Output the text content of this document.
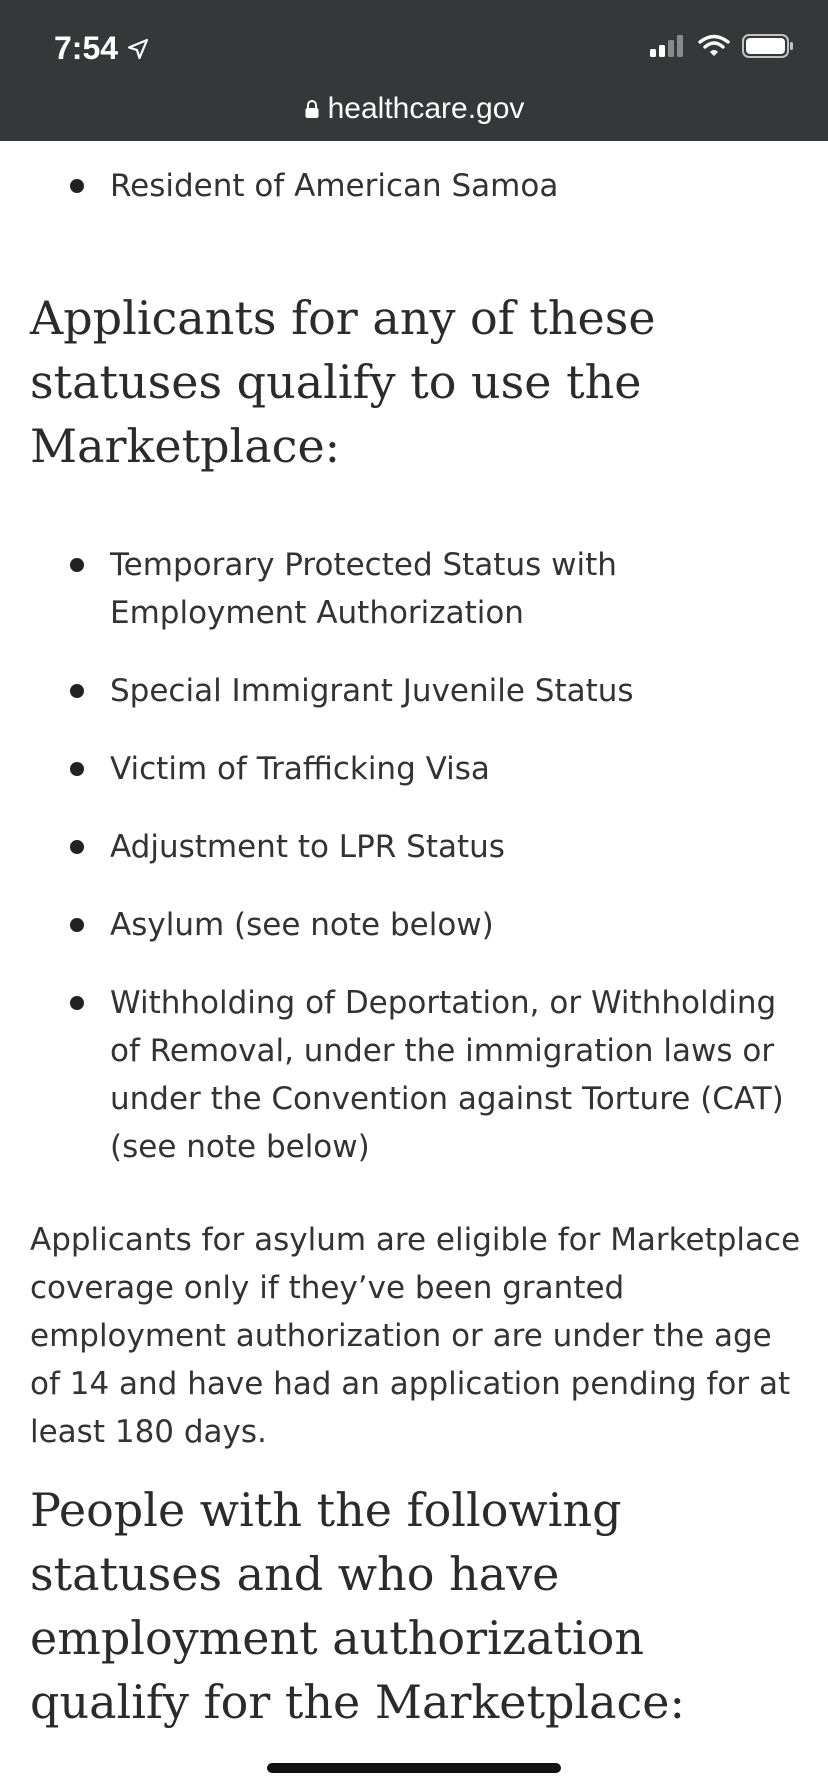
7:54
healthcare.gov
Resident of American Samoa
Applicants for any of these statuses qualify to use the Marketplace:
Temporary Protected Status with Employment Authorization
Special Immigrant Juvenile Status
Victim of Trafficking Visa
Adjustment to LPR Status
Asylum (see note below)
Withholding of Deportation, or Withholding of Removal, under the immigration laws or under the Convention against Torture (CAT) (see note below)

Applicants for asylum are eligible for Marketplace coverage only if they’ve been granted employment authorization or are under the age of 14 and have had an application pending for at least 180 days.

People with the following statuses and who have employment authorization qualify for the Marketplace:
